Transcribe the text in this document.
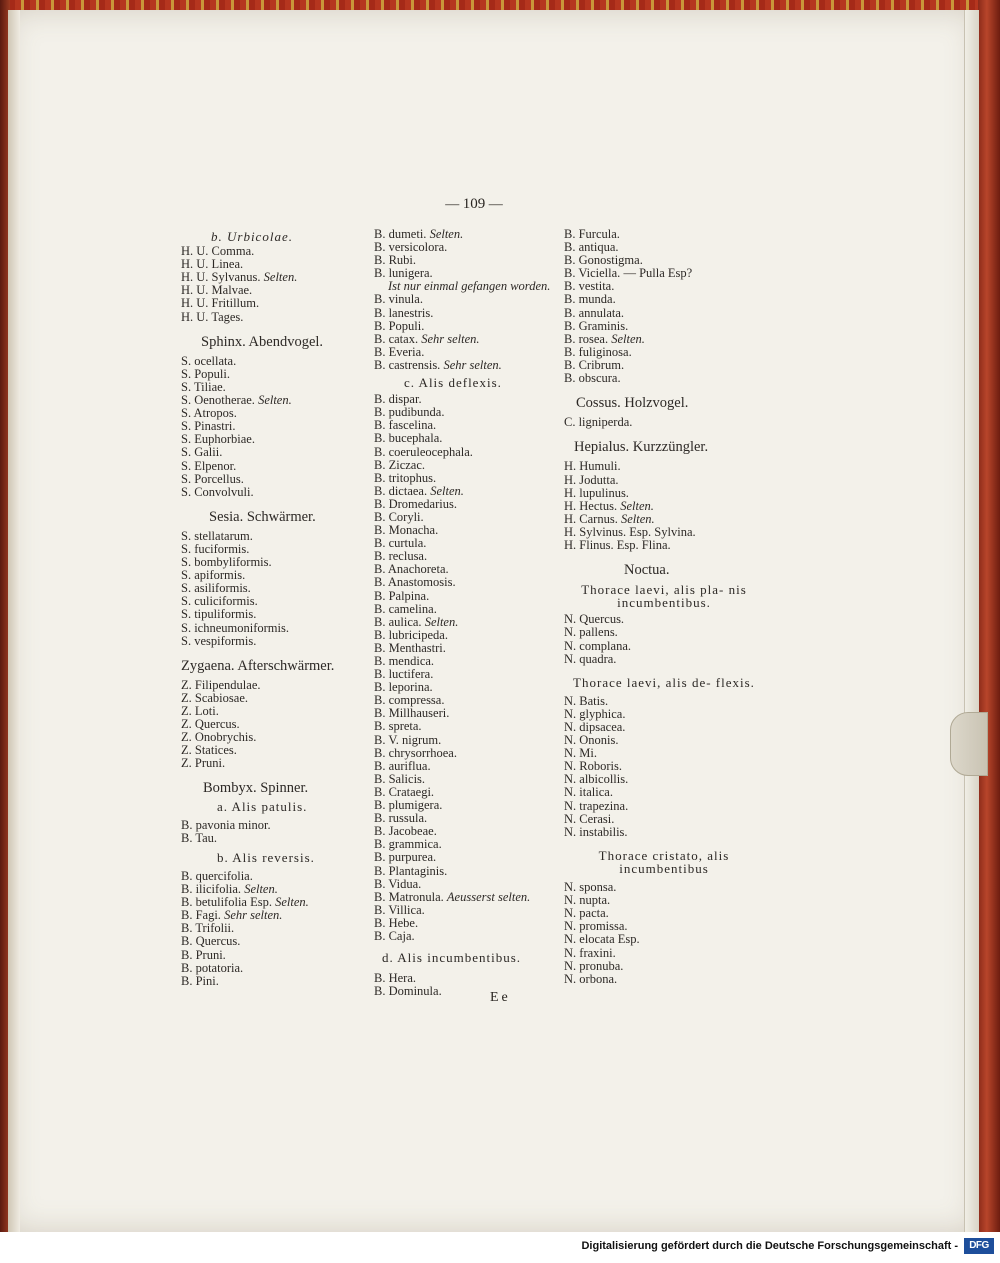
— 109 —
b. Urbicolae.
H. U. Comma.
H. U. Linea.
H. U. Sylvanus. Selten.
H. U. Malvae.
H. U. Fritillum.
H. U. Tages.
Sphinx. Abendvogel.
S. ocellata.
S. Populi.
S. Tiliae.
S. Oenotherae. Selten.
S. Atropos.
S. Pinastri.
S. Euphorbiae.
S. Galii.
S. Elpenor.
S. Porcellus.
S. Convolvuli.
Sesia. Schwärmer.
S. stellatarum.
S. fuciformis.
S. bombyliformis.
S. apiformis.
S. asiliformis.
S. culiciformis.
S. tipuliformis.
S. ichneumoniformis.
S. vespiformis.
Zygaena. Afterschwärmer.
Z. Filipendulae.
Z. Scabiosae.
Z. Loti.
Z. Quercus.
Z. Onobrychis.
Z. Statices.
Z. Pruni.
Bombyx. Spinner.
a. Alis patulis.
B. pavonia minor.
B. Tau.
b. Alis reversis.
B. quercifolia.
B. ilicifolia. Selten.
B. betulifolia Esp. Selten.
B. Fagi. Sehr selten.
B. Trifolii.
B. Quercus.
B. Pruni.
B. potatoria.
B. Pini.
B. dumeti. Selten.
B. versicolora.
B. Rubi.
B. lunigera.
Ist nur einmal gefangen worden.
B. vinula.
B. lanestris.
B. Populi.
B. catax. Sehr selten.
B. Everia.
B. castrensis. Sehr selten.
c. Alis deflexis.
B. dispar.
B. pudibunda.
B. fascelina.
B. bucephala.
B. coeruleocephala.
B. Ziczac.
B. tritophus.
B. dictaea. Selten.
B. Dromedarius.
B. Coryli.
B. Monacha.
B. curtula.
B. reclusa.
B. Anachoreta.
B. Anastomosis.
B. Palpina.
B. camelina.
B. aulica. Selten.
B. lubricipeda.
B. Menthastri.
B. mendica.
B. luctifera.
B. leporina.
B. compressa.
B. Millhauseri.
B. spreta.
B. V. nigrum.
B. chrysorrhoea.
B. auriflua.
B. Salicis.
B. Crataegi.
B. plumigera.
B. russula.
B. Jacobeae.
B. grammica.
B. purpurea.
B. Plantaginis.
B. Vidua.
B. Matronula. Aeusserst selten.
B. Villica.
B. Hebe.
B. Caja.
d. Alis incumbentibus.
B. Hera.
B. Dominula.
B. Furcula.
B. antiqua.
B. Gonostigma.
B. Viciella. — Pulla Esp?
B. vestita.
B. munda.
B. annulata.
B. Graminis.
B. rosea. Selten.
B. fuliginosa.
B. Cribrum.
B. obscura.
Cossus. Holzvogel.
C. ligniperda.
Hepialus. Kurzzüngler.
H. Humuli.
H. Jodutta.
H. lupulinus.
H. Hectus. Selten.
H. Carnus. Selten.
H. Sylvinus. Esp. Sylvina.
H. Flinus. Esp. Flina.
Noctua.
Thorace laevi, alis pla- nis incumbentibus.
N. Quercus.
N. pallens.
N. complana.
N. quadra.
Thorace laevi, alis de- flexis.
N. Batis.
N. glyphica.
N. dipsacea.
N. Ononis.
N. Mi.
N. Roboris.
N. albicollis.
N. italica.
N. trapezina.
N. Cerasi.
N. instabilis.
Thorace cristato, alis incumbentibus
N. sponsa.
N. nupta.
N. pacta.
N. promissa.
N. elocata Esp.
N. fraxini.
N. pronuba.
N. orbona.
Ee
Digitalisierung gefördert durch die Deutsche Forschungsgemeinschaft -	DFG
